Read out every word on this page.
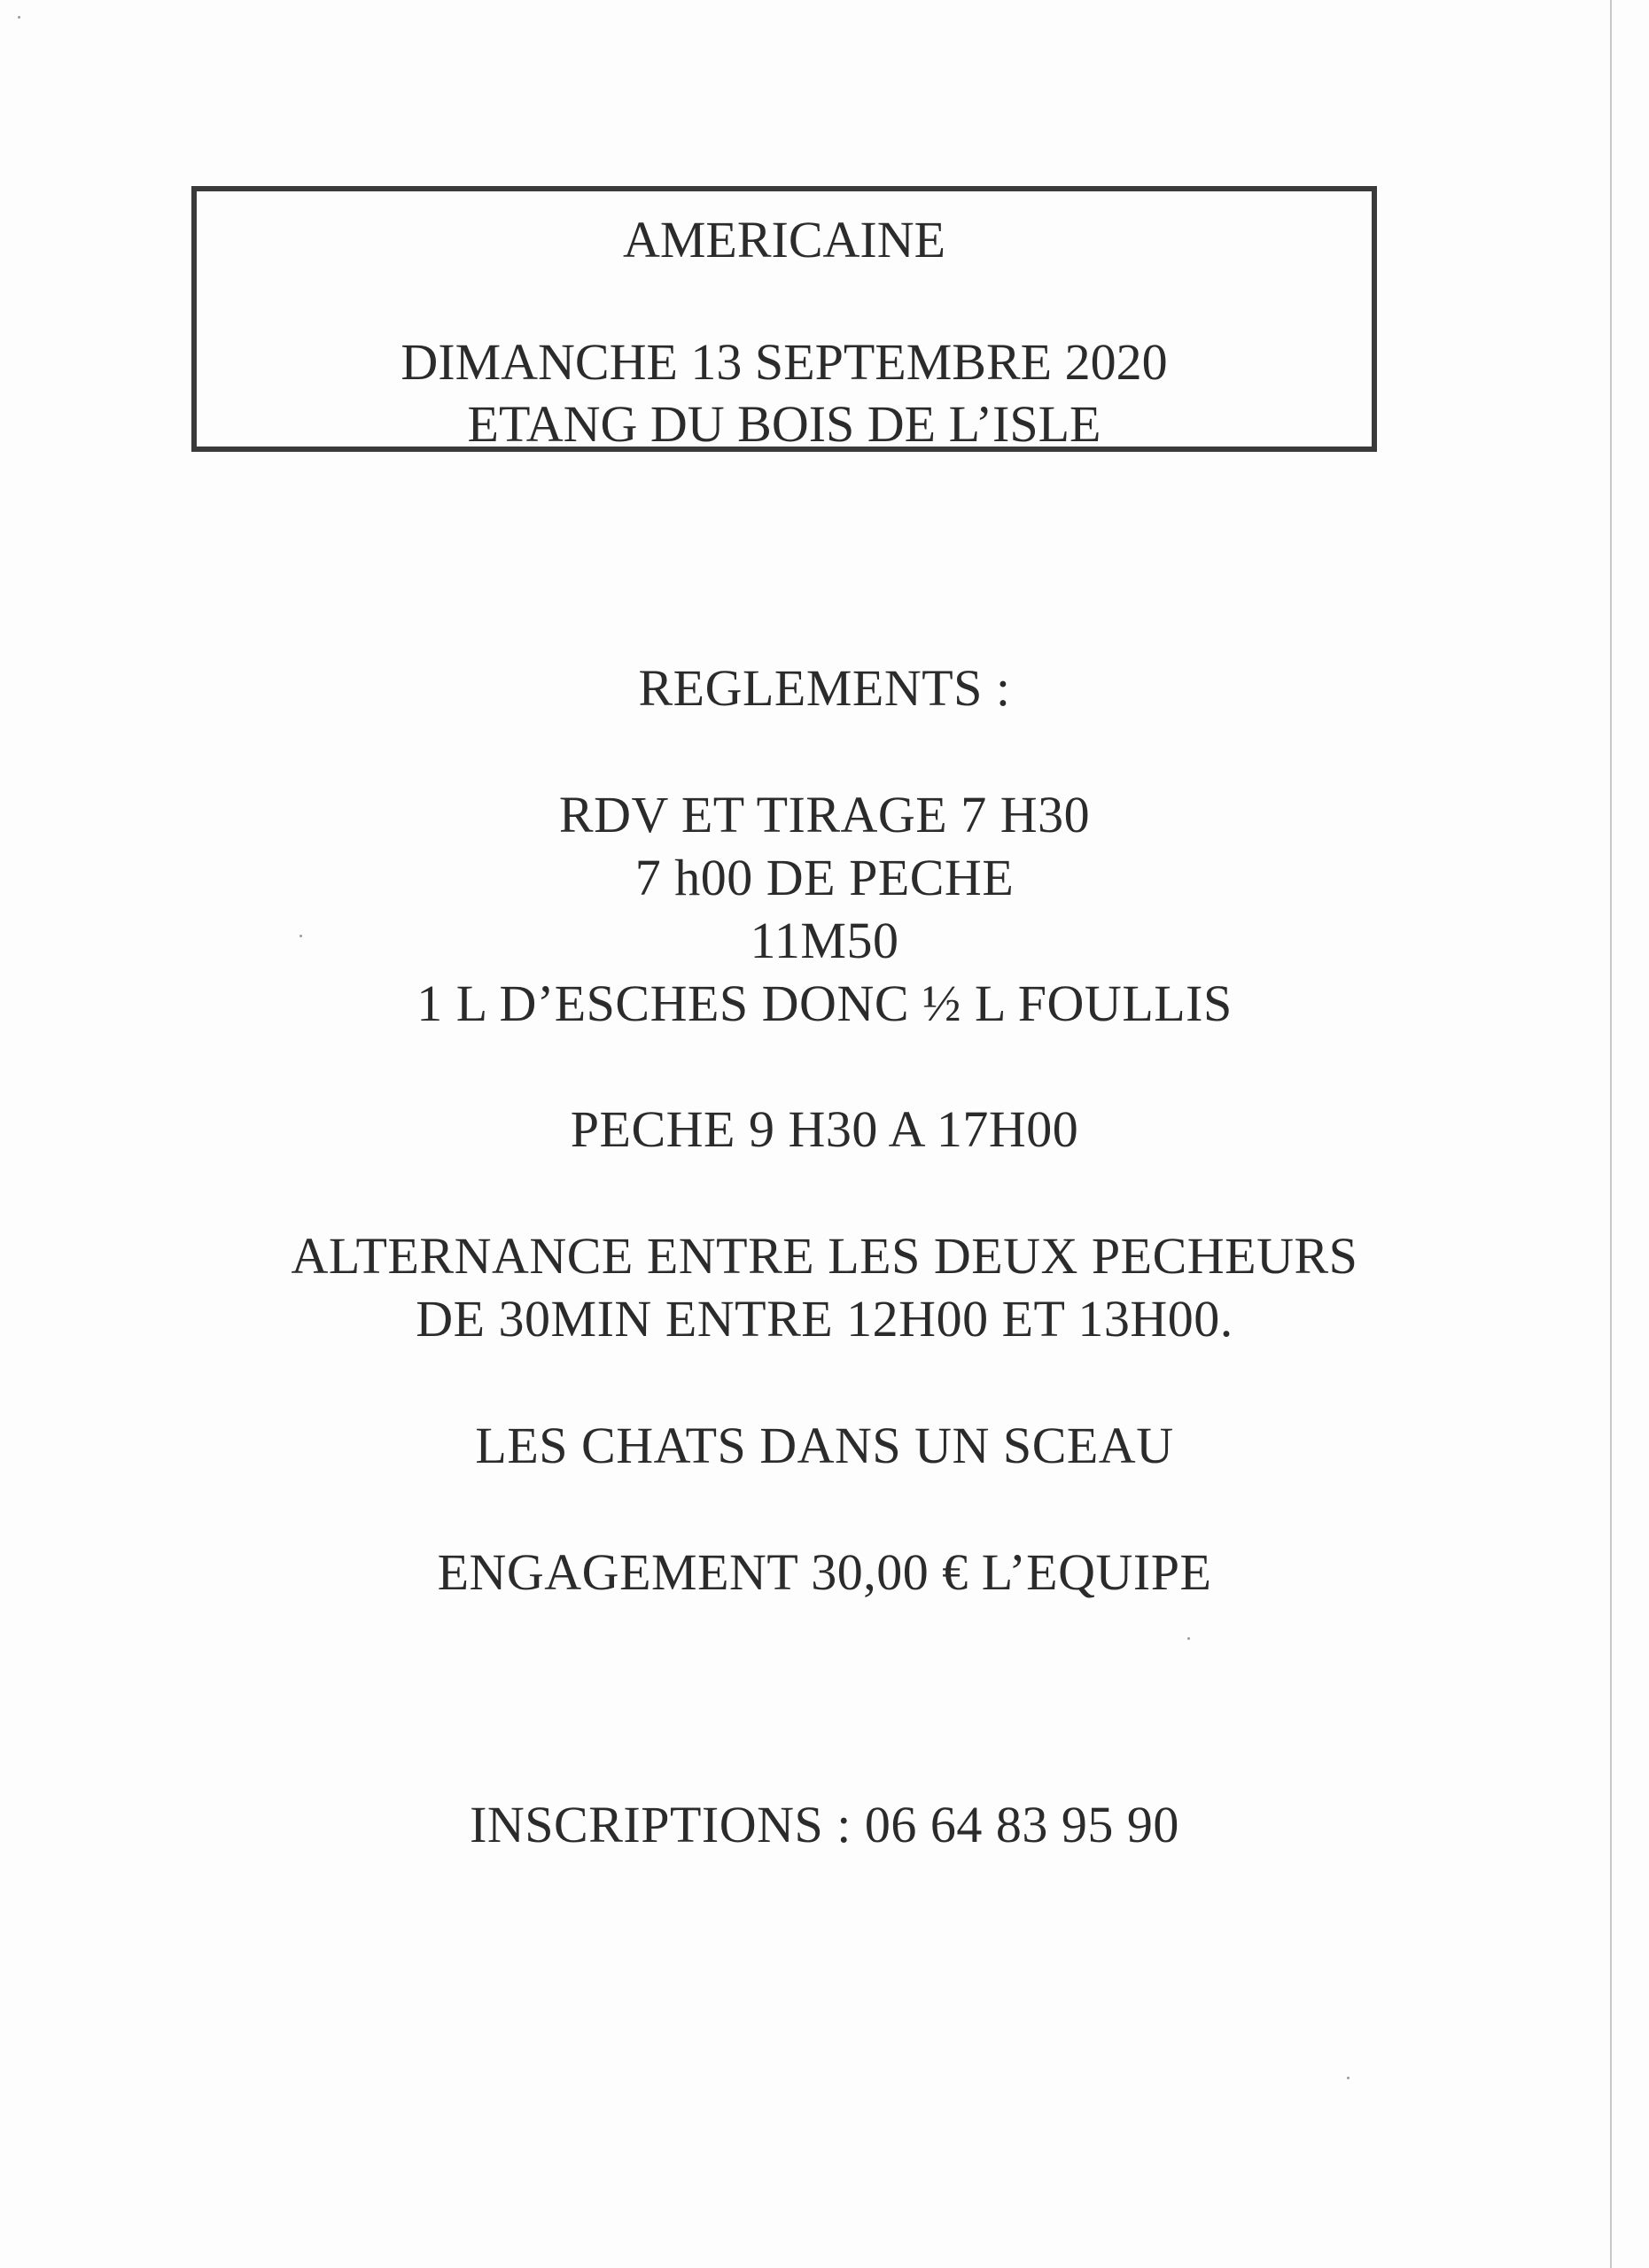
AMERICAINE
DIMANCHE 13 SEPTEMBRE 2020
ETANG DU BOIS DE L’ISLE
REGLEMENTS :
RDV ET TIRAGE 7 H30
7 h00 DE PECHE
11M50
1 L D’ESCHES DONC ½ L FOULLIS
PECHE 9 H30 A 17H00
ALTERNANCE ENTRE LES DEUX PECHEURS
DE 30MIN ENTRE 12H00 ET 13H00.
LES CHATS DANS UN SCEAU
ENGAGEMENT 30,00 € L’EQUIPE
INSCRIPTIONS : 06 64 83 95 90
